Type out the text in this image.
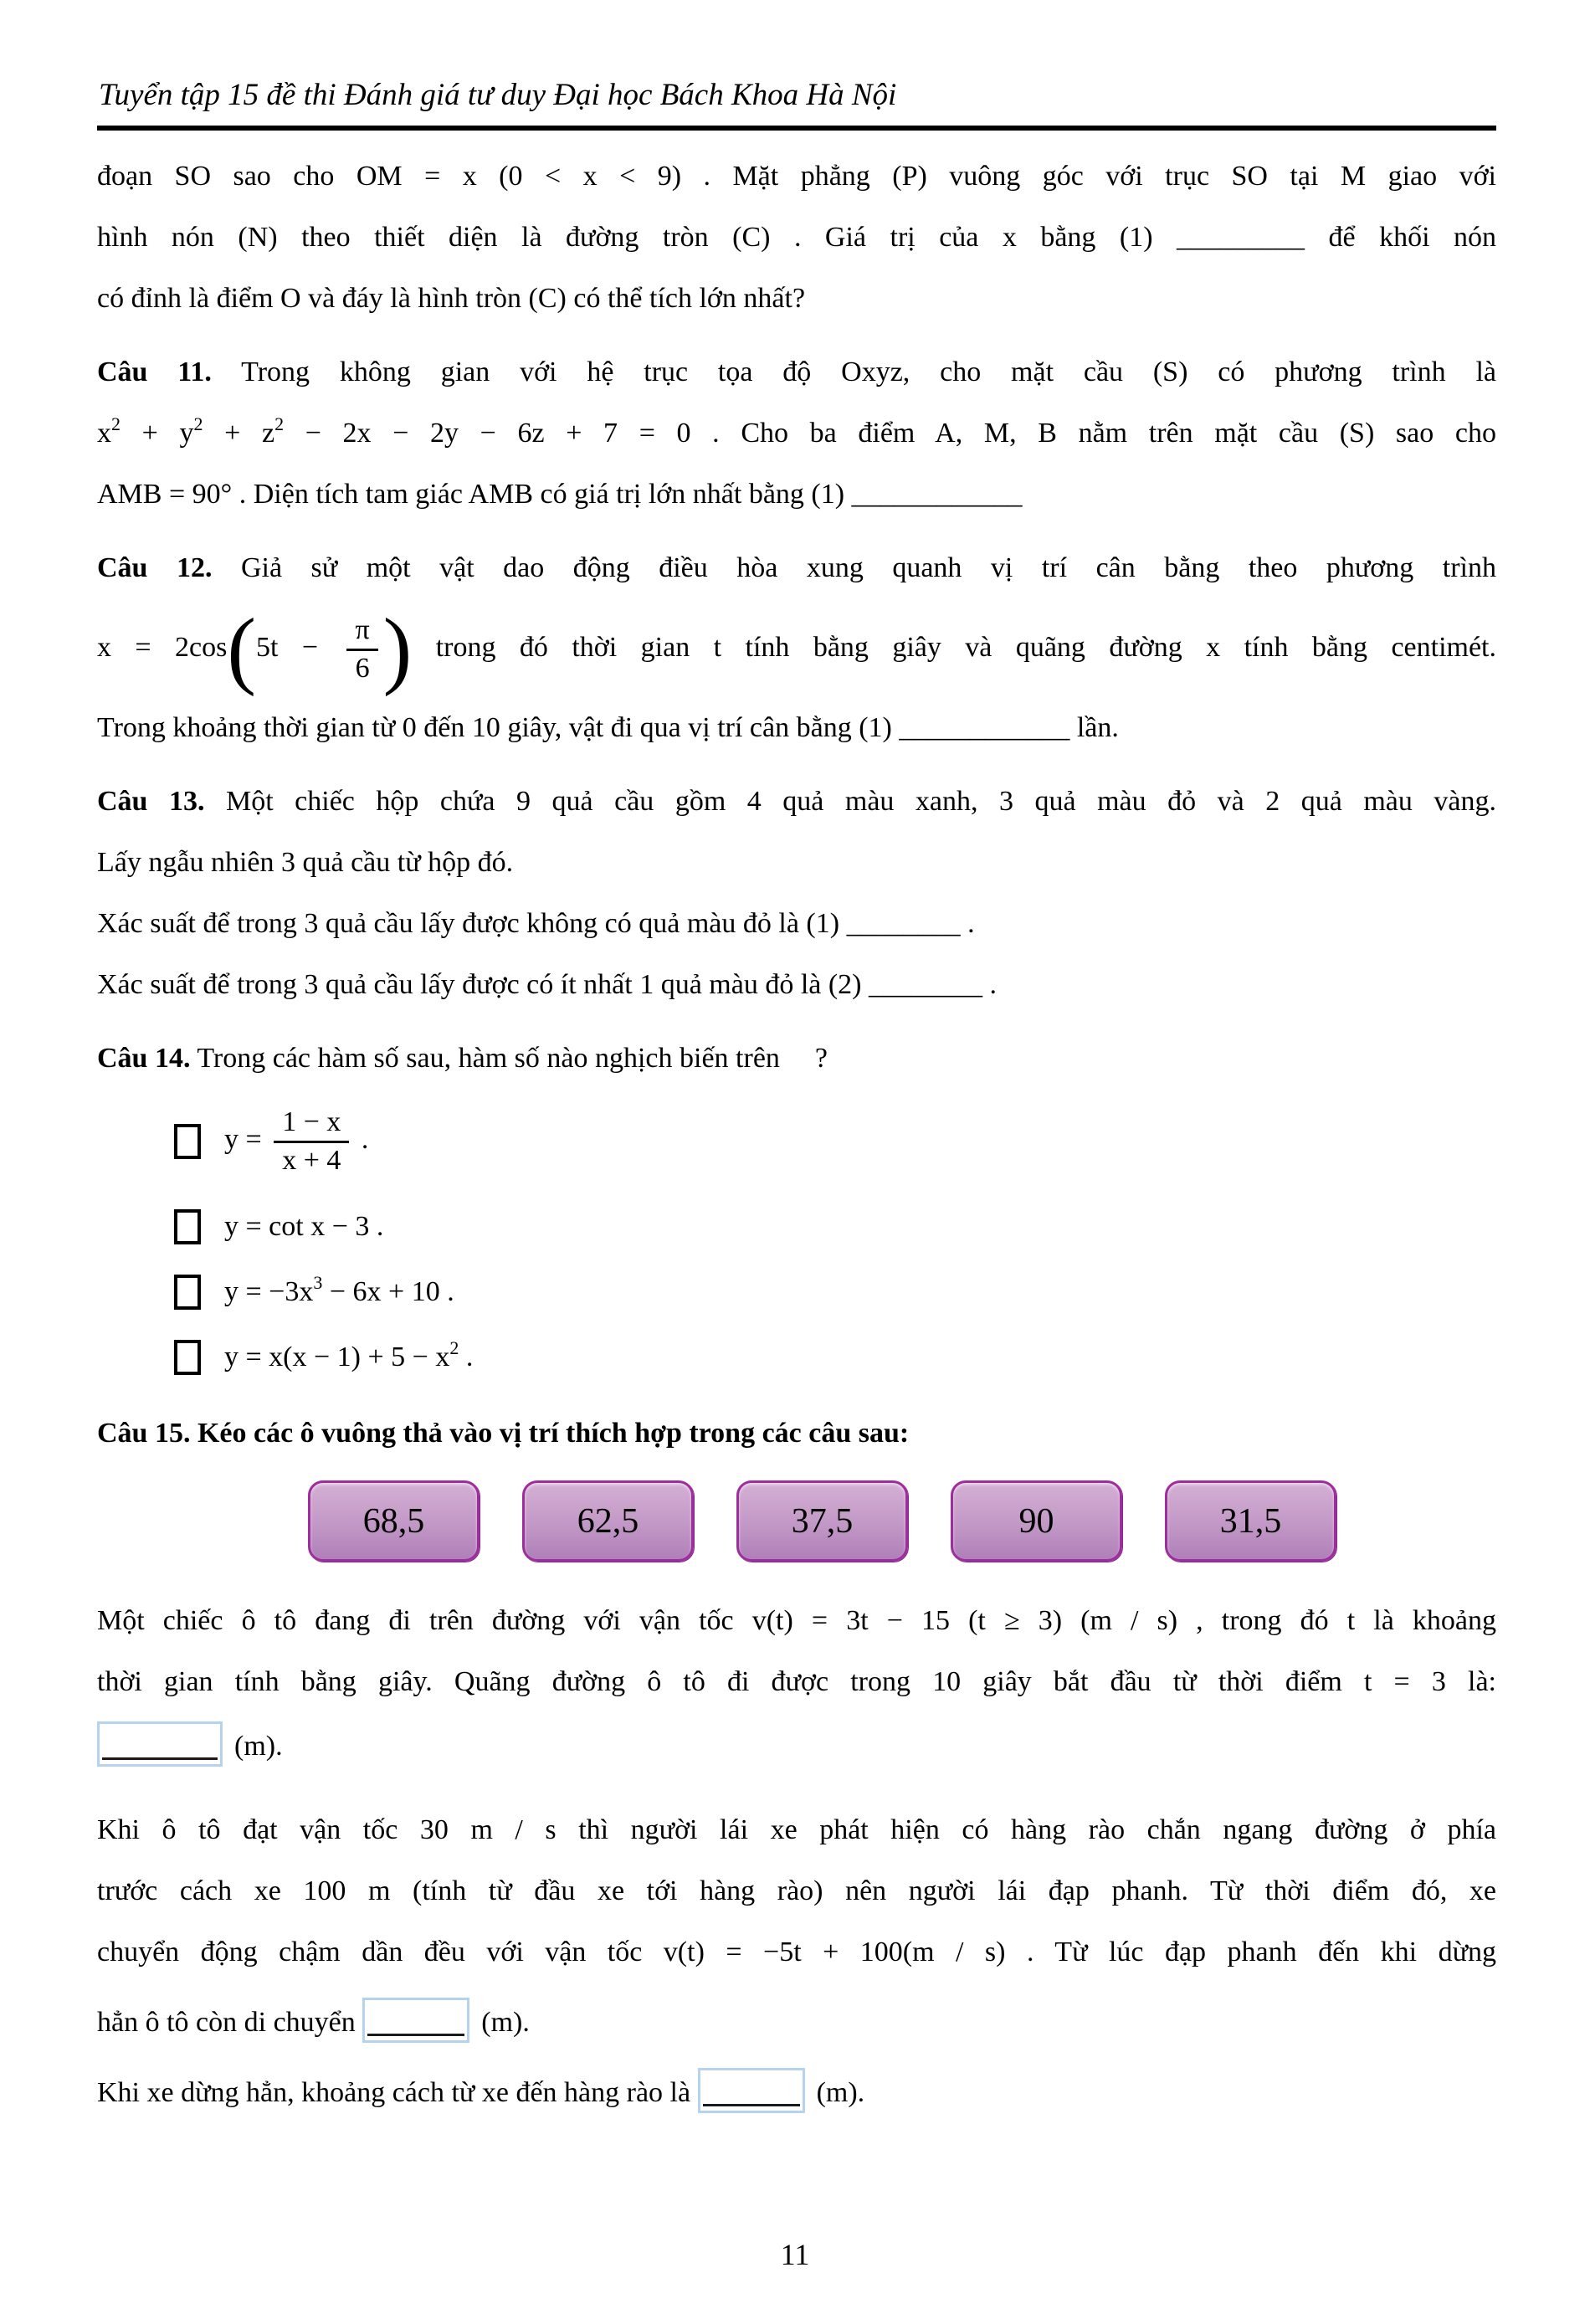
Tuyển tập 15 đề thi Đánh giá tư duy Đại học Bách Khoa Hà Nội
đoạn SO sao cho OM = x (0 < x < 9) . Mặt phẳng (P) vuông góc với trục SO tại M giao với
hình nón (N) theo thiết diện là đường tròn (C) . Giá trị của x bằng (1) _________ để khối nón
có đỉnh là điểm O và đáy là hình tròn (C) có thể tích lớn nhất?
Câu 11. Trong không gian với hệ trục tọa độ Oxyz, cho mặt cầu (S) có phương trình là
$x^2 + y^2 + z^2 - 2x - 2y - 6z + 7 = 0$ . Cho ba điểm A, M, B nằm trên mặt cầu (S) sao cho
AMB = 90° . Diện tích tam giác AMB có giá trị lớn nhất bằng (1) ____________
Câu 12. Giả sử một vật dao động điều hòa xung quanh vị trí cân bằng theo phương trình
$x = 2\cos(5t - \frac{\pi}{6}$ ) trong đó thời gian t tính bằng giây và quãng đường x tính bằng centimét.
Trong khoảng thời gian từ 0 đến 10 giây, vật đi qua vị trí cân bằng (1) ____________ lần.
Câu 13. Một chiếc hộp chứa 9 quả cầu gồm 4 quả màu xanh, 3 quả màu đỏ và 2 quả màu vàng.
Lấy ngẫu nhiên 3 quả cầu từ hộp đó.
Xác suất để trong 3 quả cầu lấy được không có quả màu đỏ là (1) ________ .
Xác suất để trong 3 quả cầu lấy được có ít nhất 1 quả màu đỏ là (2) ________ .
Câu 14. Trong các hàm số sau, hàm số nào nghịch biến trên ?
$y = \frac{1 - x}{x + 4}$ .
y = cot x − 3 .
$y = -3x^3 - 6x + 10$ .
$y = x(x - 1) + 5 - x^2$ .
Câu 15. Kéo các ô vuông thả vào vị trí thích hợp trong các câu sau:
68,5	62,5	37,5	90	31,5
Một chiếc ô tô đang đi trên đường với vận tốc v(t) = 3t − 15 (t ≥ 3) (m / s) , trong đó t là khoảng
thời gian tính bằng giây. Quãng đường ô tô đi được trong 10 giây bắt đầu từ thời điểm t = 3 là:
(m).
Khi ô tô đạt vận tốc 30 m / s thì người lái xe phát hiện có hàng rào chắn ngang đường ở phía
trước cách xe 100 m (tính từ đầu xe tới hàng rào) nên người lái đạp phanh. Từ thời điểm đó, xe
chuyển động chậm dần đều với vận tốc v(t) = −5t + 100(m / s) . Từ lúc đạp phanh đến khi dừng
hẳn ô tô còn di chuyển	(m).
Khi xe dừng hẳn, khoảng cách từ xe đến hàng rào là	(m).
11
